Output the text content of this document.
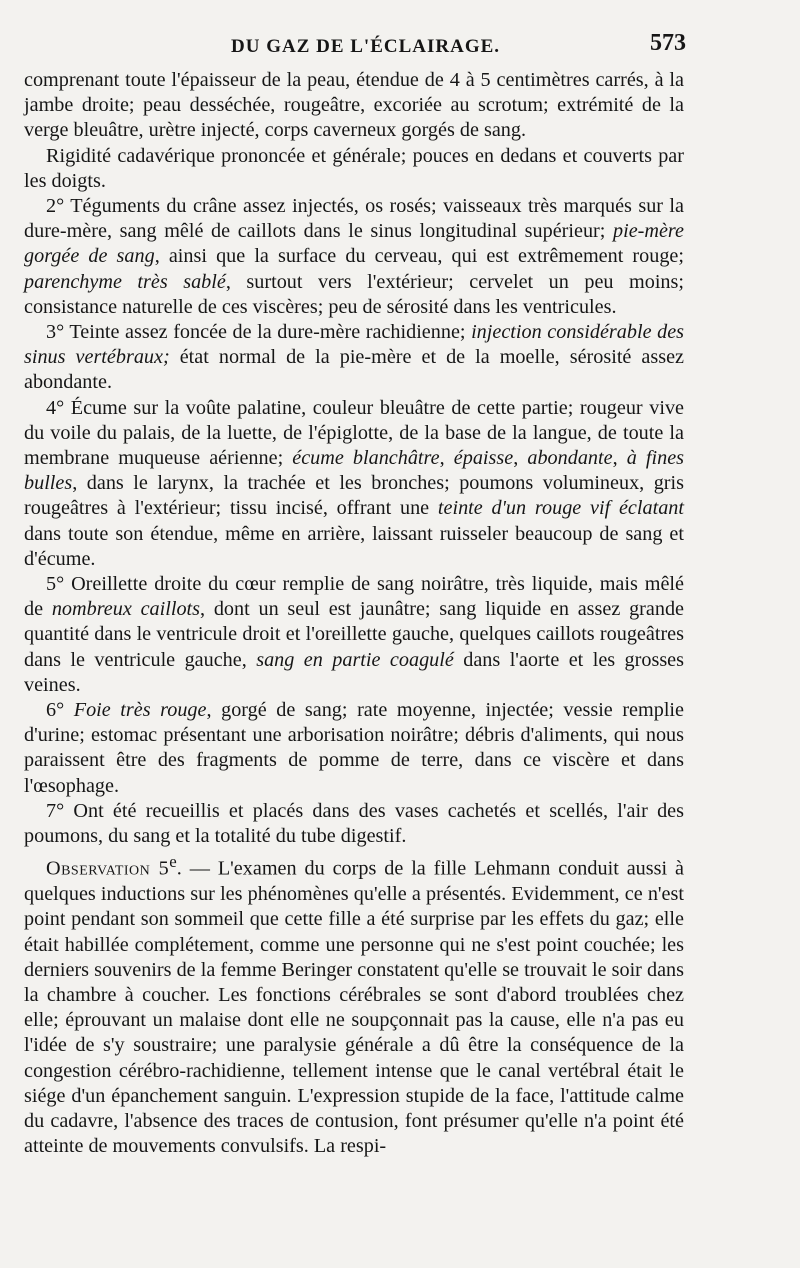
DU GAZ DE L'ÉCLAIRAGE.	573

comprenant toute l'épaisseur de la peau, étendue de 4 à 5 centimètres carrés, à la jambe droite; peau desséchée, rougeâtre, excoriée au scrotum; extrémité de la verge bleuâtre, urètre injecté, corps caverneux gorgés de sang.

Rigidité cadavérique prononcée et générale; pouces en dedans et couverts par les doigts.

2° Téguments du crâne assez injectés, os rosés; vaisseaux très marqués sur la dure-mère, sang mêlé de caillots dans le sinus longitudinal supérieur; pie-mère gorgée de sang, ainsi que la surface du cerveau, qui est extrêmement rouge; parenchyme très sablé, surtout vers l'extérieur; cervelet un peu moins; consistance naturelle de ces viscères; peu de sérosité dans les ventricules.

3° Teinte assez foncée de la dure-mère rachidienne; injection considérable des sinus vertébraux; état normal de la pie-mère et de la moelle, sérosité assez abondante.

4° Écume sur la voûte palatine, couleur bleuâtre de cette partie; rougeur vive du voile du palais, de la luette, de l'épiglotte, de la base de la langue, de toute la membrane muqueuse aérienne; écume blanchâtre, épaisse, abondante, à fines bulles, dans le larynx, la trachée et les bronches; poumons volumineux, gris rougeâtres à l'extérieur; tissu incisé, offrant une teinte d'un rouge vif éclatant dans toute son étendue, même en arrière, laissant ruisseler beaucoup de sang et d'écume.

5° Oreillette droite du cœur remplie de sang noirâtre, très liquide, mais mêlé de nombreux caillots, dont un seul est jaunâtre; sang liquide en assez grande quantité dans le ventricule droit et l'oreillette gauche, quelques caillots rougeâtres dans le ventricule gauche, sang en partie coagulé dans l'aorte et les grosses veines.

6° Foie très rouge, gorgé de sang; rate moyenne, injectée; vessie remplie d'urine; estomac présentant une arborisation noirâtre; débris d'aliments, qui nous paraissent être des fragments de pomme de terre, dans ce viscère et dans l'œsophage.

7° Ont été recueillis et placés dans des vases cachetés et scellés, l'air des poumons, du sang et la totalité du tube digestif.

Observation 5e. — L'examen du corps de la fille Lehmann conduit aussi à quelques inductions sur les phénomènes qu'elle a présentés. Evidemment, ce n'est point pendant son sommeil que cette fille a été surprise par les effets du gaz; elle était habillée complétement, comme une personne qui ne s'est point couchée; les derniers souvenirs de la femme Beringer constatent qu'elle se trouvait le soir dans la chambre à coucher. Les fonctions cérébrales se sont d'abord troublées chez elle; éprouvant un malaise dont elle ne soupçonnait pas la cause, elle n'a pas eu l'idée de s'y soustraire; une paralysie générale a dû être la conséquence de la congestion cérébro-rachidienne, tellement intense que le canal vertébral était le siége d'un épanchement sanguin. L'expression stupide de la face, l'attitude calme du cadavre, l'absence des traces de contusion, font présumer qu'elle n'a point été atteinte de mouvements convulsifs. La respi-
